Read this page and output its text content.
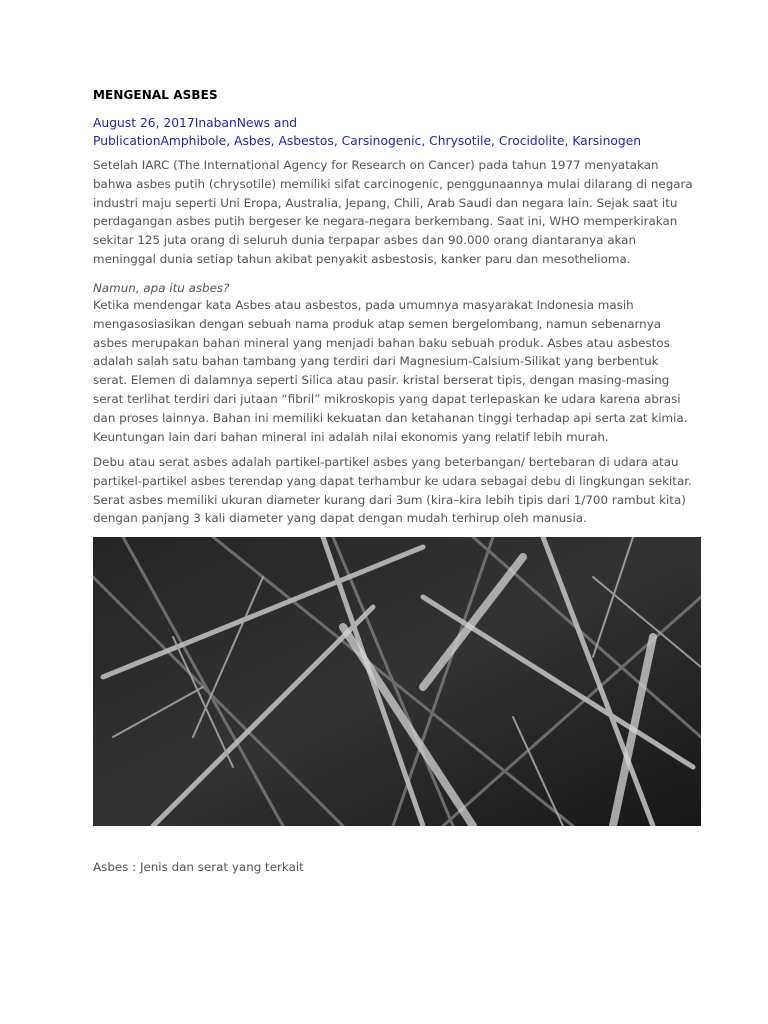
MENGENAL ASBES
August 26, 2017InabanNews and
PublicationAmphibole, Asbes, Asbestos, Carsinogenic, Chrysotile, Crocidolite, Karsinogen

Setelah IARC (The International Agency for Research on Cancer) pada tahun 1977 menyatakan bahwa asbes putih (chrysotile) memiliki sifat carcinogenic, penggunaannya mulai dilarang di negara industri maju seperti Uni Eropa, Australia, Jepang, Chili, Arab Saudi dan negara lain. Sejak saat itu perdagangan asbes putih bergeser ke negara-negara berkembang. Saat ini, WHO memperkirakan sekitar 125 juta orang di seluruh dunia terpapar asbes dan 90.000 orang diantaranya akan meninggal dunia setiap tahun akibat penyakit asbestosis, kanker paru dan mesothelioma.

Namun, apa itu asbes?

Ketika mendengar kata Asbes atau asbestos, pada umumnya masyarakat Indonesia masih mengasosiasikan dengan sebuah nama produk atap semen bergelombang, namun sebenarnya asbes merupakan bahan mineral yang menjadi bahan baku sebuah produk. Asbes atau asbestos adalah salah satu bahan tambang yang terdiri dari Magnesium-Calsium-Silikat yang berbentuk serat. Elemen di dalamnya seperti Silica atau pasir. kristal berserat tipis, dengan masing-masing serat terlihat terdiri dari jutaan “fibril” mikroskopis yang dapat terlepaskan ke udara karena abrasi dan proses lainnya. Bahan ini memiliki kekuatan dan ketahanan tinggi terhadap api serta zat kimia. Keuntungan lain dari bahan mineral ini adalah nilai ekonomis yang relatif lebih murah.

Debu atau serat asbes adalah partikel-partikel asbes yang beterbangan/ bertebaran di udara atau partikel-partikel asbes terendap yang dapat terhambur ke udara sebagai debu di lingkungan sekitar. Serat asbes memiliki ukuran diameter kurang dari 3um (kira–kira lebih tipis dari 1/700 rambut kita) dengan panjang 3 kali diameter yang dapat dengan mudah terhirup oleh manusia.

Asbes : Jenis dan serat yang terkait
